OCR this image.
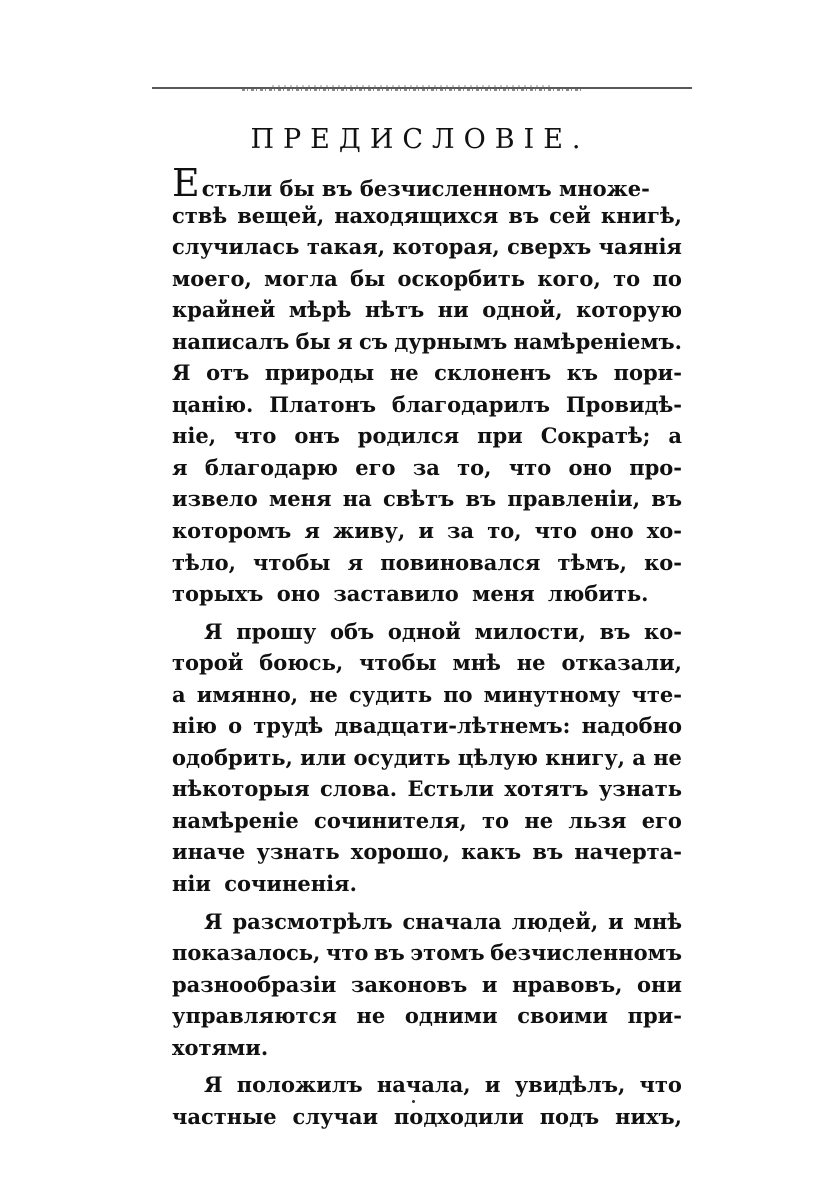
ПРЕДИСЛОВІЕ.
Естьли бы въ безчисленномъ множе-
ствѣ вещей, находящихся въ сей книгѣ,
случилась такая, которая, сверхъ чаянія
моего, могла бы оскорбить кого, то по
крайней мѣрѣ нѣтъ ни одной, которую
написалъ бы я съ дурнымъ намѣреніемъ.
Я отъ природы не склоненъ къ пори-
цанію. Платонъ благодарилъ Провидѣ-
ніе, что онъ родился при Сократѣ; а
я благодарю его за то, что оно про-
извело меня на свѣтъ въ правленіи, въ
которомъ я живу, и за то, что оно хо-
тѣло, чтобы я повиновался тѣмъ, ко-
торыхъ оно заставило меня любить.
Я прошу объ одной милости, въ ко-
торой боюсь, чтобы мнѣ не отказали,
а имянно, не судить по минутному чте-
нію о трудѣ двадцати-лѣтнемъ: надобно
одобрить, или осудить цѣлую книгу, а не
нѣкоторыя слова. Естьли хотятъ узнать
намѣреніе сочинителя, то не льзя его
иначе узнать хорошо, какъ въ начерта-
ніи сочиненія.
Я разсмотрѣлъ сначала людей, и мнѣ
показалось, что въ этомъ безчисленномъ
разнообразіи законовъ и нравовъ, они
управляются не одними своими при-
хотями.
Я положилъ начала, и увидѣлъ, что
частные случаи подходили подъ нихъ,
